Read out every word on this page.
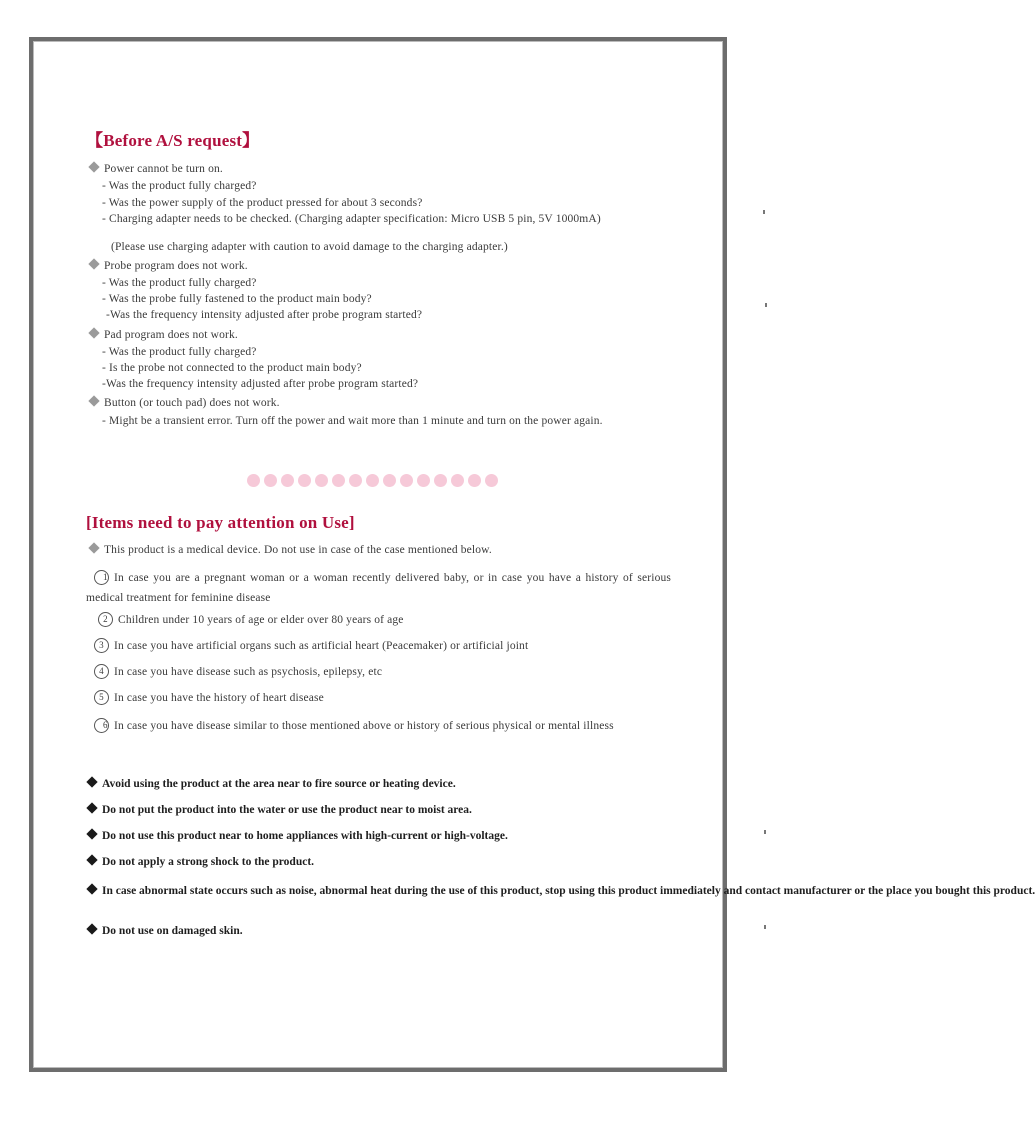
【Before A/S request】
Power cannot be turn on.
- Was the product fully charged?
- Was the power supply of the product pressed for about 3 seconds?
- Charging adapter needs to be checked. (Charging adapter specification: Micro USB 5 pin, 5V 1000mA)
(Please use charging adapter with caution to avoid damage to the charging adapter.)
Probe program does not work.
- Was the product fully charged?
- Was the probe fully fastened to the product main body?
-Was the frequency intensity adjusted after probe program started?
Pad program does not work.
- Was the product fully charged?
- Is the probe not connected to the product main body?
-Was the frequency intensity adjusted after probe program started?
Button (or touch pad) does not work.
- Might be a transient error. Turn off the power and wait more than 1 minute and turn on the power again.
[Items need to pay attention on Use]
This product is a medical device. Do not use in case of the case mentioned below.
1 In case you are a pregnant woman or a woman recently delivered baby, or in case you have a history of serious medical treatment for feminine disease
2 Children under 10 years of age or elder over 80 years of age
3 In case you have artificial organs such as artificial heart (Peacemaker) or artificial joint
4 In case you have disease such as psychosis, epilepsy, etc
5 In case you have the history of heart disease
6 In case you have disease similar to those mentioned above or history of serious physical or mental illness
Avoid using the product at the area near to fire source or heating device.
Do not put the product into the water or use the product near to moist area.
Do not use this product near to home appliances with high-current or high-voltage.
Do not apply a strong shock to the product.
In case abnormal state occurs such as noise, abnormal heat during the use of this product, stop using this product immediately and contact manufacturer or the place you bought this product.
Do not use on damaged skin.
